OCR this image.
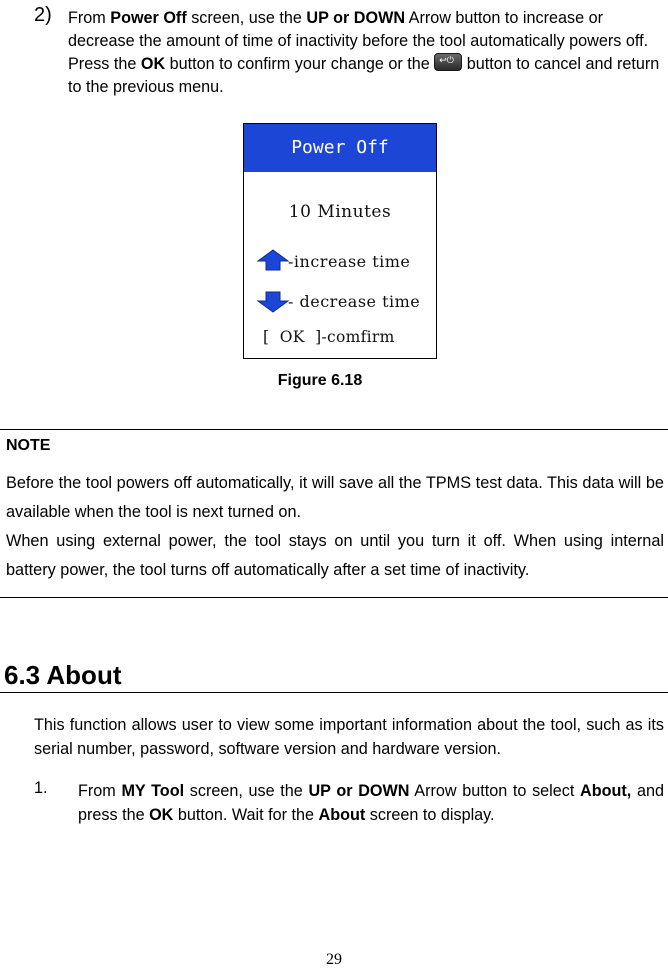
2) From Power Off screen, use the UP or DOWN Arrow button to increase or decrease the amount of time of inactivity before the tool automatically powers off. Press the OK button to confirm your change or the ↩⏻ button to cancel and return to the previous menu.
Power Off
10 Minutes
-increase time
- decrease time
[  OK  ]-comfirm
Figure 6.18
NOTE

Before the tool powers off automatically, it will save all the TPMS test data. This data will be available when the tool is next turned on.

When using external power, the tool stays on until you turn it off. When using internal battery power, the tool turns off automatically after a set time of inactivity.

6.3 About
This function allows user to view some important information about the tool, such as its serial number, password, software version and hardware version.
1. From MY Tool screen, use the UP or DOWN Arrow button to select About, and press the OK button. Wait for the About screen to display.
29
